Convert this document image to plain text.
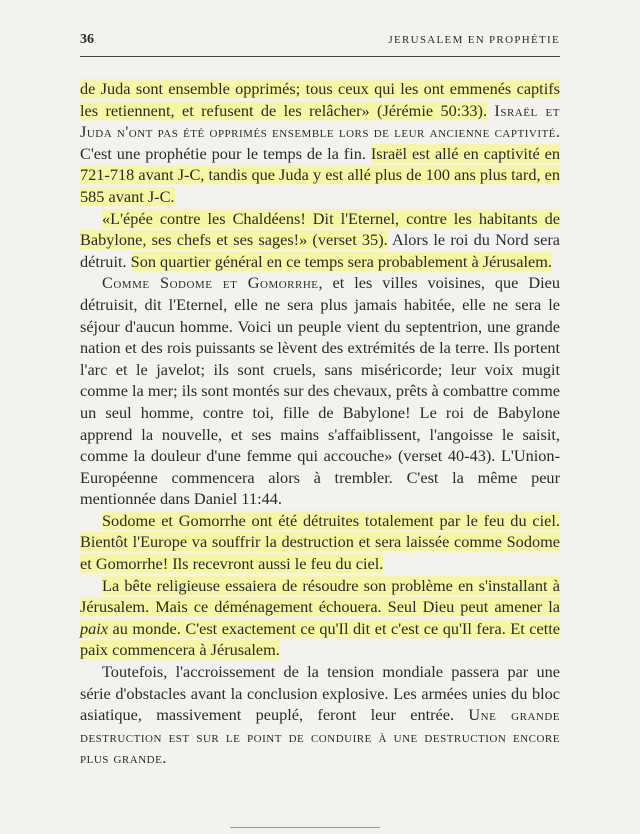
36	JERUSALEM EN PROPHÉTIE

de Juda sont ensemble opprimés; tous ceux qui les ont emmenés captifs les retiennent, et refusent de les relâcher» (Jérémie 50:33). Israël et Juda n'ont pas été opprimés ensemble lors de leur ancienne captivité. C'est une prophétie pour le temps de la fin. Israël est allé en captivité en 721-718 avant J-C, tandis que Juda y est allé plus de 100 ans plus tard, en 585 avant J-C.

«L'épée contre les Chaldéens! Dit l'Eternel, contre les habitants de Babylone, ses chefs et ses sages!» (verset 35). Alors le roi du Nord sera détruit. Son quartier général en ce temps sera probablement à Jérusalem.

Comme Sodome et Gomorrhe, et les villes voisines, que Dieu détruisit, dit l'Eternel, elle ne sera plus jamais habitée, elle ne sera le séjour d'aucun homme. Voici un peuple vient du septentrion, une grande nation et des rois puissants se lèvent des extrémités de la terre. Ils portent l'arc et le javelot; ils sont cruels, sans miséricorde; leur voix mugit comme la mer; ils sont montés sur des chevaux, prêts à combattre comme un seul homme, contre toi, fille de Babylone! Le roi de Babylone apprend la nouvelle, et ses mains s'affaiblissent, l'angoisse le saisit, comme la douleur d'une femme qui accouche» (verset 40-43). L'Union-Européenne commencera alors à trembler. C'est la même peur mentionnée dans Daniel 11:44.

Sodome et Gomorrhe ont été détruites totalement par le feu du ciel. Bientôt l'Europe va souffrir la destruction et sera laissée comme Sodome et Gomorrhe! Ils recevront aussi le feu du ciel.

La bête religieuse essaiera de résoudre son problème en s'installant à Jérusalem. Mais ce déménagement échouera. Seul Dieu peut amener la paix au monde. C'est exactement ce qu'Il dit et c'est ce qu'Il fera. Et cette paix commencera à Jérusalem.

Toutefois, l'accroissement de la tension mondiale passera par une série d'obstacles avant la conclusion explosive. Les armées unies du bloc asiatique, massivement peuplé, feront leur entrée. Une grande destruction est sur le point de conduire à une destruction encore plus grande.
